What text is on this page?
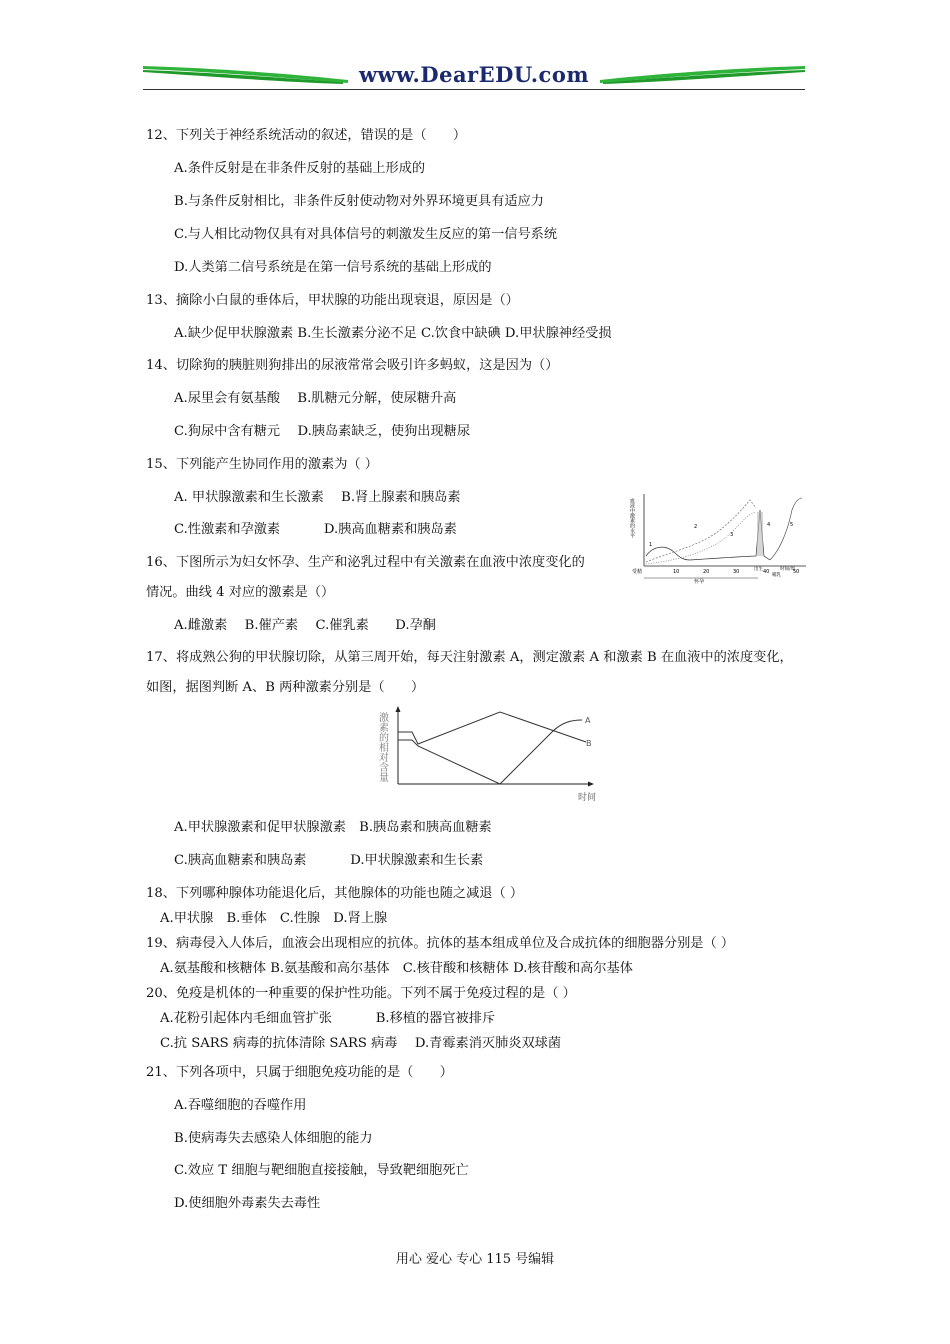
www.DearEDU.com
12、下列关于神经系统活动的叙述，错误的是（　　）
A.条件反射是在非条件反射的基础上形成的
B.与条件反射相比，非条件反射使动物对外界环境更具有适应力
C.与人相比动物仅具有对具体信号的刺激发生反应的第一信号系统
D.人类第二信号系统是在第一信号系统的基础上形成的
13、摘除小白鼠的垂体后，甲状腺的功能出现衰退，原因是（）
A.缺少促甲状腺激素 B.生长激素分泌不足 C.饮食中缺碘 D.甲状腺神经受损
14、切除狗的胰脏则狗排出的尿液常常会吸引许多蚂蚁，这是因为（）
A.尿里会有氨基酸　 B.肌糖元分解，使尿糖升高
C.狗尿中含有糖元　 D.胰岛素缺乏，使狗出现糖尿
15、下列能产生协同作用的激素为（ ）
A. 甲状腺激素和生长激素　 B.肾上腺素和胰岛素
C.性激素和孕激素　　　 D.胰高血糖素和胰岛素
16、下图所示为妇女怀孕、生产和泌乳过程中有关激素在血液中浓度变化的
情况。曲线 4 对应的激素是（）
A.雌激素　 B.催产素　 C.催乳素　　D.孕酮
血液中激素的水平
1
2
3
4	5
10	20	30	40	50
受精	出生	时间/周
怀孕
哺乳
17、将成熟公狗的甲状腺切除，从第三周开始，每天注射激素 A，测定激素 A 和激素 B 在血液中的浓度变化，
如图，据图判断 A、B 两种激素分别是（　　）
激素的相对含量
时间
A
B
A.甲状腺激素和促甲状腺激素　B.胰岛素和胰高血糖素
C.胰高血糖素和胰岛素　　　 D.甲状腺激素和生长素
18、下列哪种腺体功能退化后，其他腺体的功能也随之减退（ ）
A.甲状腺　B.垂体　C.性腺　D.肾上腺
19、病毒侵入人体后，血液会出现相应的抗体。抗体的基本组成单位及合成抗体的细胞器分别是（ ）
A.氨基酸和核糖体 B.氨基酸和高尔基体　C.核苷酸和核糖体 D.核苷酸和高尔基体
20、免疫是机体的一种重要的保护性功能。下列不属于免疫过程的是（ ）
A.花粉引起体内毛细血管扩张　　　 B.移植的器官被排斥
C.抗 SARS 病毒的抗体清除 SARS 病毒　 D.青霉素消灭肺炎双球菌
21、下列各项中，只属于细胞免疫功能的是（　　）
A.吞噬细胞的吞噬作用
B.使病毒失去感染人体细胞的能力
C.效应 T 细胞与靶细胞直接接触，导致靶细胞死亡
D.使细胞外毒素失去毒性
用心 爱心 专心 115 号编辑
